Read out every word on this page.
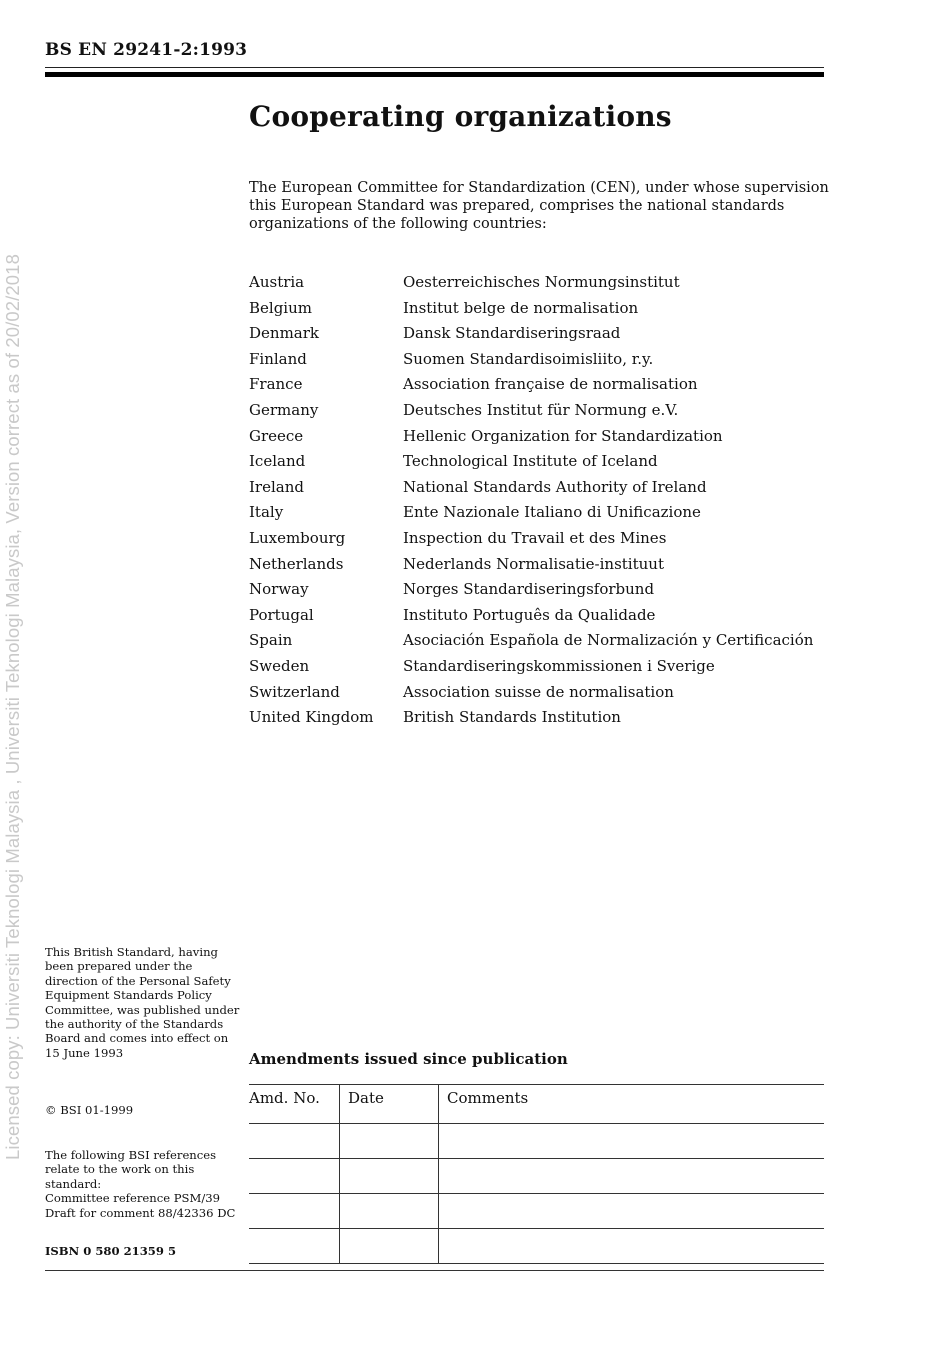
BS EN 29241-2:1993
Cooperating organizations

The European Committee for Standardization (CEN), under whose supervision this European Standard was prepared, comprises the national standards organizations of the following countries:

Austria	Oesterreichisches Normungsinstitut
Belgium	Institut belge de normalisation
Denmark	Dansk Standardiseringsraad
Finland	Suomen Standardisoimisliito, r.y.
France	Association française de normalisation
Germany	Deutsches Institut für Normung e.V.
Greece	Hellenic Organization for Standardization
Iceland	Technological Institute of Iceland
Ireland	National Standards Authority of Ireland
Italy	Ente Nazionale Italiano di Unificazione
Luxembourg	Inspection du Travail et des Mines
Netherlands	Nederlands Normalisatie-instituut
Norway	Norges Standardiseringsforbund
Portugal	Instituto Português da Qualidade
Spain	Asociación Española de Normalización y Certificación
Sweden	Standardiseringskommissionen i Sverige
Switzerland	Association suisse de normalisation
United Kingdom	British Standards Institution
Licensed copy: Universiti Teknologi Malaysia , Universiti Teknologi Malaysia, Version correct as of 20/02/2018 This British Standard, having been prepared under the direction of the Personal Safety Equipment Standards Policy Committee, was published under the authority of the Standards Board and comes into effect on 15 June 1993

© BSI 01-1999

The following BSI references relate to the work on this standard:
Committee reference PSM/39
Draft for comment 88/42336 DC

ISBN 0 580 21359 5

Amendments issued since publication
Amd. No.	Date	Comments
